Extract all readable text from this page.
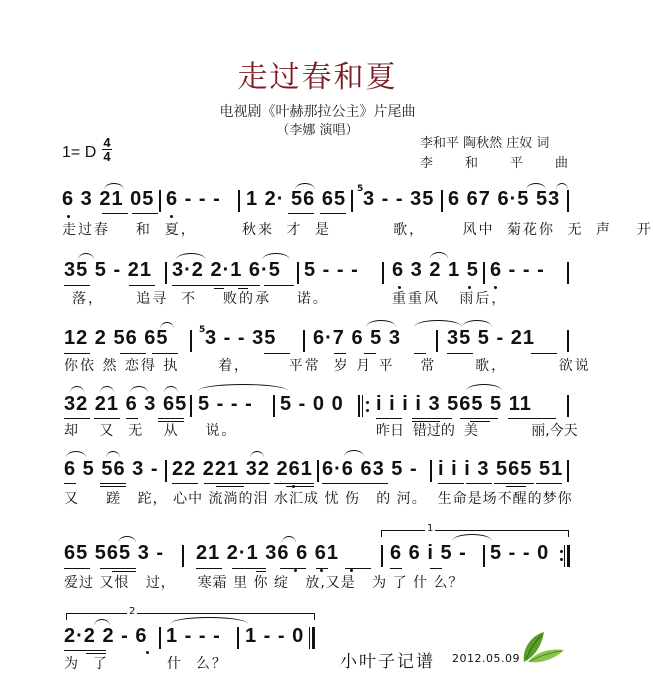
走过春和夏
电视剧《叶赫那拉公主》片尾曲
（李娜 演唱）
1= D
4
4
李和平 陶秋然 庄奴 词
李 和 平 曲
6 3 21 05 6 - - - 1 2· 56 65 5 3 - - 35 6 67 6·5 53
走过春 和 夏，	秋来 才 是	歌，	风中 菊花你 无 声 开
35 5 - 21 3·2 2·1 6·5 5 - - - 6 3 2 1 5 6 - - -
落， 追寻 不 败的承 诺。	重重风 雨后，
12 2 56 65	5 3 - - 35 6·7 6 5 3 35 5 - 21
你依 然 恋得 执	着，	平常 岁 月 平 常	歌，	欲说
32 21 6 3 65 5 - - - 5 - 0 0 i i i i 3 565 5 11
却 又 无 从 说。	昨日 错过的 美	丽,今天
6 5 56 3 - 22 221 32 261 6·6 63 5 - i i i 3 565 51
又 蹉 跎， 心中 流淌的泪 水汇成 忧 伤 的 河。 生命是场不醒的梦你
1
65 565 3 - 21 2·1 36 6 61	6 6 i 5 - 5 - - 0
爱过 又恨 过， 寒霜 里 你 绽 放,又是 为 了 什 么？
2
2·2 2 - 6 1 - - - 1 - - 0
为 了	什 么？	小叶子记谱 2012.05.09
